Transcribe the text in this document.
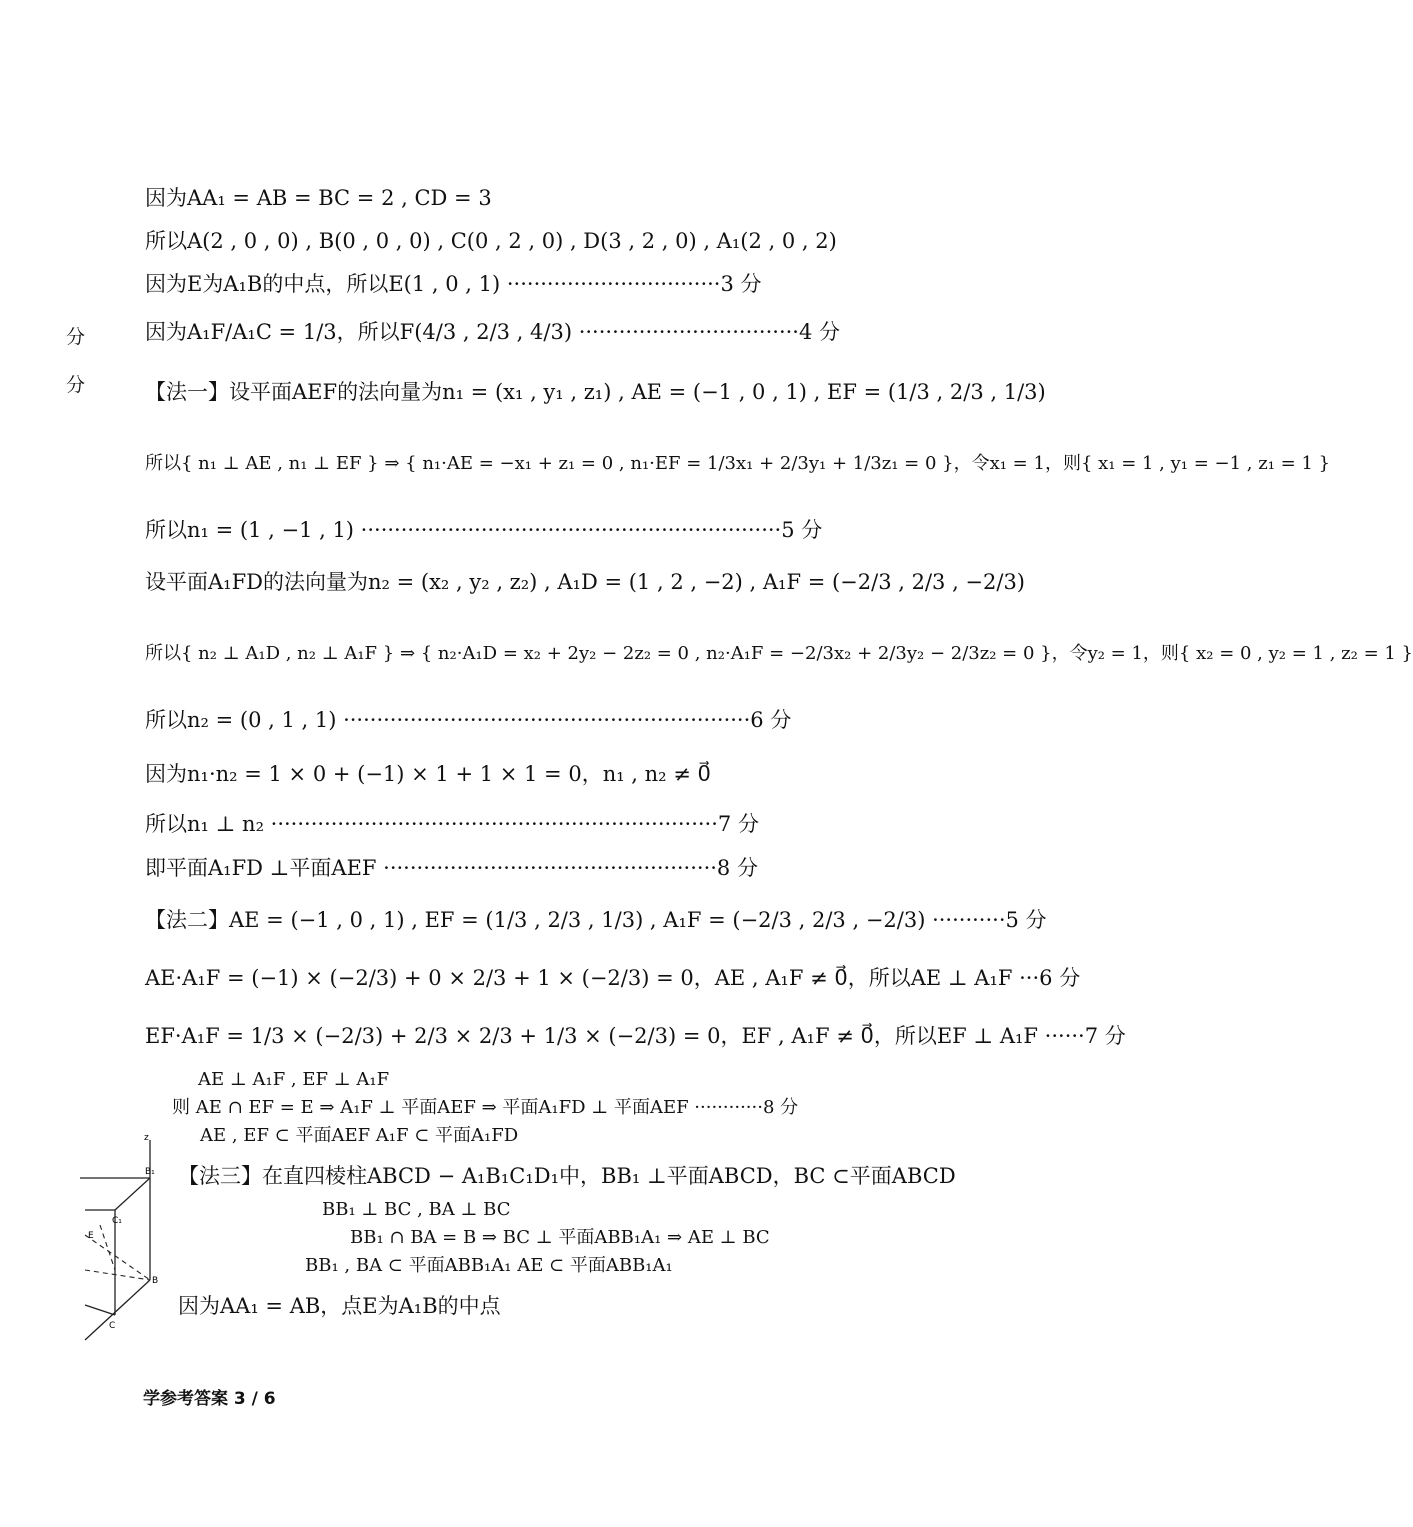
分
分
因为AA₁ = AB = BC = 2 , CD = 3
所以A(2 , 0 , 0) , B(0 , 0 , 0) , C(0 , 2 , 0) , D(3 , 2 , 0) , A₁(2 , 0 , 2)
因为E为A₁B的中点，所以E(1 , 0 , 1) ································3 分
因为A₁F/A₁C = 1/3，所以F(4/3 , 2/3 , 4/3) ·································4 分
【法一】设平面AEF的法向量为n₁ = (x₁ , y₁ , z₁) , AE = (−1 , 0 , 1) , EF = (1/3 , 2/3 , 1/3)
所以{ n₁ ⊥ AE , n₁ ⊥ EF } ⇒ { n₁·AE = −x₁ + z₁ = 0 , n₁·EF = 1/3x₁ + 2/3y₁ + 1/3z₁ = 0 }，令x₁ = 1，则{ x₁ = 1 , y₁ = −1 , z₁ = 1 }
所以n₁ = (1 , −1 , 1) ·······························································5 分
设平面A₁FD的法向量为n₂ = (x₂ , y₂ , z₂) , A₁D = (1 , 2 , −2) , A₁F = (−2/3 , 2/3 , −2/3)
所以{ n₂ ⊥ A₁D , n₂ ⊥ A₁F } ⇒ { n₂·A₁D = x₂ + 2y₂ − 2z₂ = 0 , n₂·A₁F = −2/3x₂ + 2/3y₂ − 2/3z₂ = 0 }，令y₂ = 1，则{ x₂ = 0 , y₂ = 1 , z₂ = 1 }
所以n₂ = (0 , 1 , 1) ·····························································6 分
因为n₁·n₂ = 1 × 0 + (−1) × 1 + 1 × 1 = 0，n₁ , n₂ ≠ 0⃗
所以n₁ ⊥ n₂ ···································································7 分
即平面A₁FD ⊥平面AEF ··················································8 分
【法二】AE = (−1 , 0 , 1) , EF = (1/3 , 2/3 , 1/3) , A₁F = (−2/3 , 2/3 , −2/3) ···········5 分
AE·A₁F = (−1) × (−2/3) + 0 × 2/3 + 1 × (−2/3) = 0，AE , A₁F ≠ 0⃗，所以AE ⊥ A₁F ···6 分
EF·A₁F = 1/3 × (−2/3) + 2/3 × 2/3 + 1/3 × (−2/3) = 0，EF , A₁F ≠ 0⃗，所以EF ⊥ A₁F ······7 分
AE ⊥ A₁F , EF ⊥ A₁F
则 AE ∩ EF = E ⇒ A₁F ⊥ 平面AEF ⇒ 平面A₁FD ⊥ 平面AEF ············8 分
AE , EF ⊂ 平面AEF A₁F ⊂ 平面A₁FD
【法三】在直四棱柱ABCD − A₁B₁C₁D₁中，BB₁ ⊥平面ABCD，BC ⊂平面ABCD
BB₁ ⊥ BC , BA ⊥ BC
BB₁ ∩ BA = B ⇒ BC ⊥ 平面ABB₁A₁ ⇒ AE ⊥ BC
BB₁ , BA ⊂ 平面ABB₁A₁ AE ⊂ 平面ABB₁A₁
因为AA₁ = AB，点E为A₁B的中点
z
B₁
C₁
E
B
C
学参考答案 3 / 6
